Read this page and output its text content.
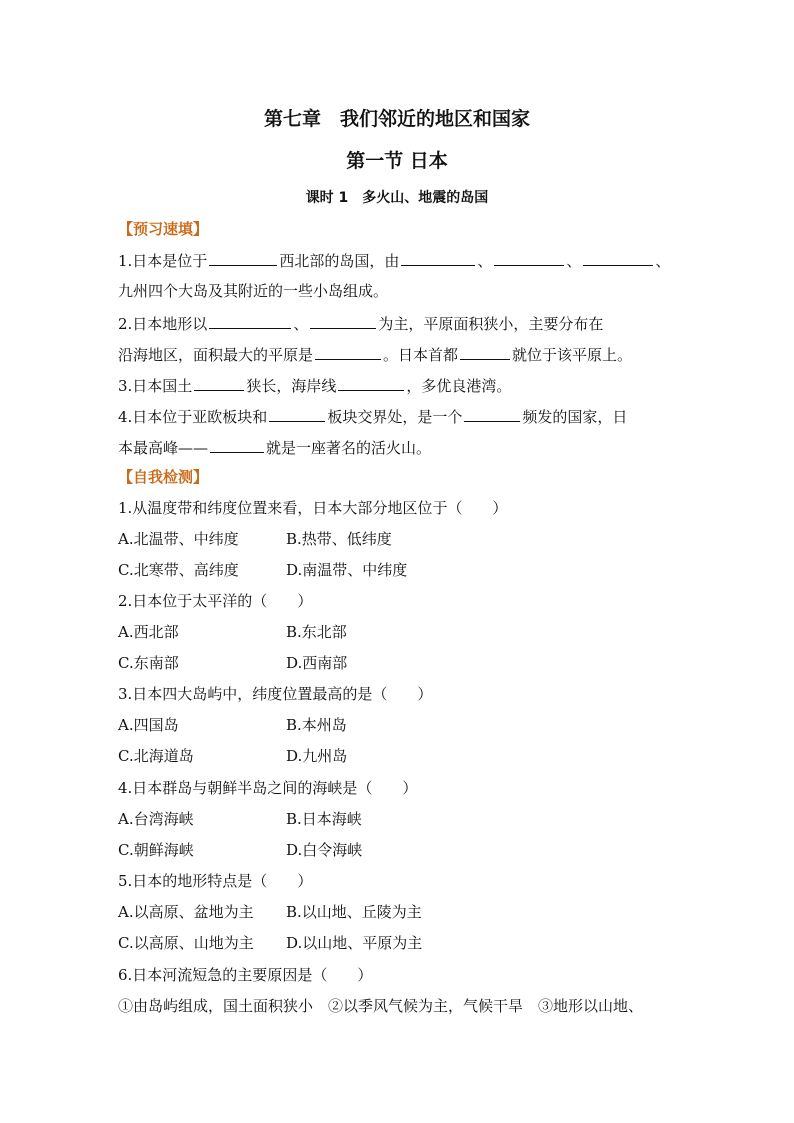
第七章　我们邻近的地区和国家
第一节 日本
课时 1　多火山、地震的岛国
【预习速填】
1.日本是位于	西北部的岛国，由	、	、	、
九州四个大岛及其附近的一些小岛组成。
2.日本地形以	、	为主，平原面积狭小，主要分布在
沿海地区，面积最大的平原是	。日本首都	就位于该平原上。
3.日本国土	狭长，海岸线	，多优良港湾。
4.日本位于亚欧板块和	板块交界处，是一个	频发的国家，日
本最高峰——	就是一座著名的活火山。
【自我检测】
1.从温度带和纬度位置来看，日本大部分地区位于（　　）
A.北温带、中纬度	B.热带、低纬度
C.北寒带、高纬度	D.南温带、中纬度
2.日本位于太平洋的（　　）
A.西北部	B.东北部
C.东南部	D.西南部
3.日本四大岛屿中，纬度位置最高的是（　　）
A.四国岛	B.本州岛
C.北海道岛	D.九州岛
4.日本群岛与朝鲜半岛之间的海峡是（　　）
A.台湾海峡	B.日本海峡
C.朝鲜海峡	D.白令海峡
5.日本的地形特点是（　　）
A.以高原、盆地为主 B.以山地、丘陵为主
C.以高原、山地为主 D.以山地、平原为主
6.日本河流短急的主要原因是（　　）
①由岛屿组成，国土面积狭小　②以季风气候为主，气候干旱　③地形以山地、
